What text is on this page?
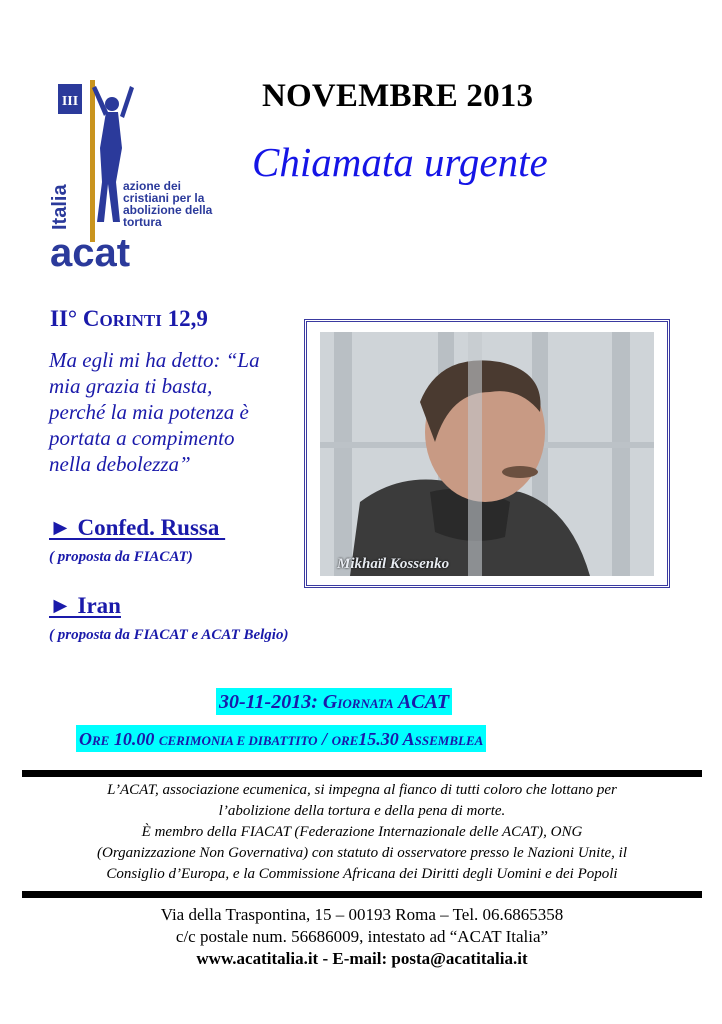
III
Italia	azione dei
cristiani per la
abolizione della
tortura
acat
NOVEMBRE 2013
Chiamata urgente
II° CORINTI 12,9
Ma egli mi ha detto: “La
mia grazia ti basta,
perché la mia potenza è
portata a compimento
nella debolezza”
► Confed. Russa
( proposta da FIACAT)
► Iran
( proposta da FIACAT e ACAT Belgio)
Mikhaïl Kossenko
30-11-2013: GIORNATA ACAT
ORE 10.00 CERIMONIA E DIBATTITO / ORE15.30 ASSEMBLEA
L’ACAT, associazione ecumenica, si impegna al fianco di tutti coloro che lottano per
l’abolizione della tortura e della pena di morte.
È membro della FIACAT (Federazione Internazionale delle ACAT), ONG
(Organizzazione Non Governativa) con statuto di osservatore presso le Nazioni Unite, il
Consiglio d’Europa, e la Commissione Africana dei Diritti degli Uomini e dei Popoli
Via della Traspontina, 15 – 00193 Roma – Tel. 06.6865358
c/c postale num. 56686009, intestato ad “ACAT Italia”
www.acatitalia.it - E-mail: posta@acatitalia.it
